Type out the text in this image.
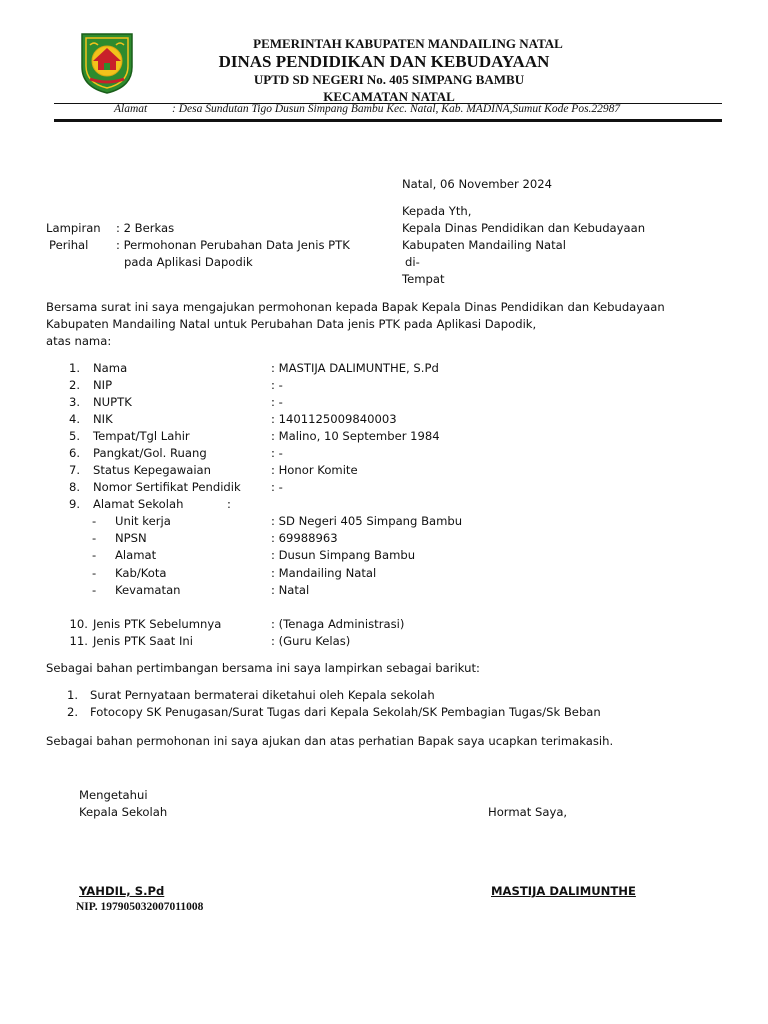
PEMERINTAH KABUPATEN MANDAILING NATAL
DINAS PENDIDIKAN DAN KEBUDAYAAN
UPTD SD NEGERI No. 405 SIMPANG BAMBU
KECAMATAN NATAL
Alamat : Desa Sundutan Tigo Dusun Simpang Bambu Kec. Natal, Kab. MADINA,Sumut Kode Pos.22987
Natal, 06 November 2024
Kepada Yth,
Kepala Dinas Pendidikan dan Kebudayaan
Kabupaten Mandailing Natal
di-
Tempat
Lampiran : 2 Berkas
Perihal : Permohonan Perubahan Data Jenis PTK
pada Aplikasi Dapodik
Bersama surat ini saya mengajukan permohonan kepada Bapak Kepala Dinas Pendidikan dan Kebudayaan
Kabupaten Mandailing Natal untuk Perubahan Data jenis PTK pada Aplikasi Dapodik,
atas nama:
1. Nama	: MASTIJA DALIMUNTHE, S.Pd
2. NIP	: -
3. NUPTK	: -
4. NIK	: 1401125009840003
5. Tempat/Tgl Lahir	: Malino, 10 September 1984
6. Pangkat/Gol. Ruang	: -
7. Status Kepegawaian	: Honor Komite
8. Nomor Sertifikat Pendidik	: -
9. Alamat Sekolah	:
- Unit kerja	: SD Negeri 405 Simpang Bambu
- NPSN	: 69988963
- Alamat	: Dusun Simpang Bambu
- Kab/Kota	: Mandailing Natal
- Kevamatan	: Natal
10. Jenis PTK Sebelumnya	: (Tenaga Administrasi)
11. Jenis PTK Saat Ini	: (Guru Kelas)
Sebagai bahan pertimbangan bersama ini saya lampirkan sebagai barikut:
1. Surat Pernyataan bermaterai diketahui oleh Kepala sekolah
2. Fotocopy SK Penugasan/Surat Tugas dari Kepala Sekolah/SK Pembagian Tugas/Sk Beban
Sebagai bahan permohonan ini saya ajukan dan atas perhatian Bapak saya ucapkan terimakasih.
Mengetahui
Kepala Sekolah	Hormat Saya,
YAHDIL, S.Pd	MASTIJA DALIMUNTHE
NIP. 197905032007011008
